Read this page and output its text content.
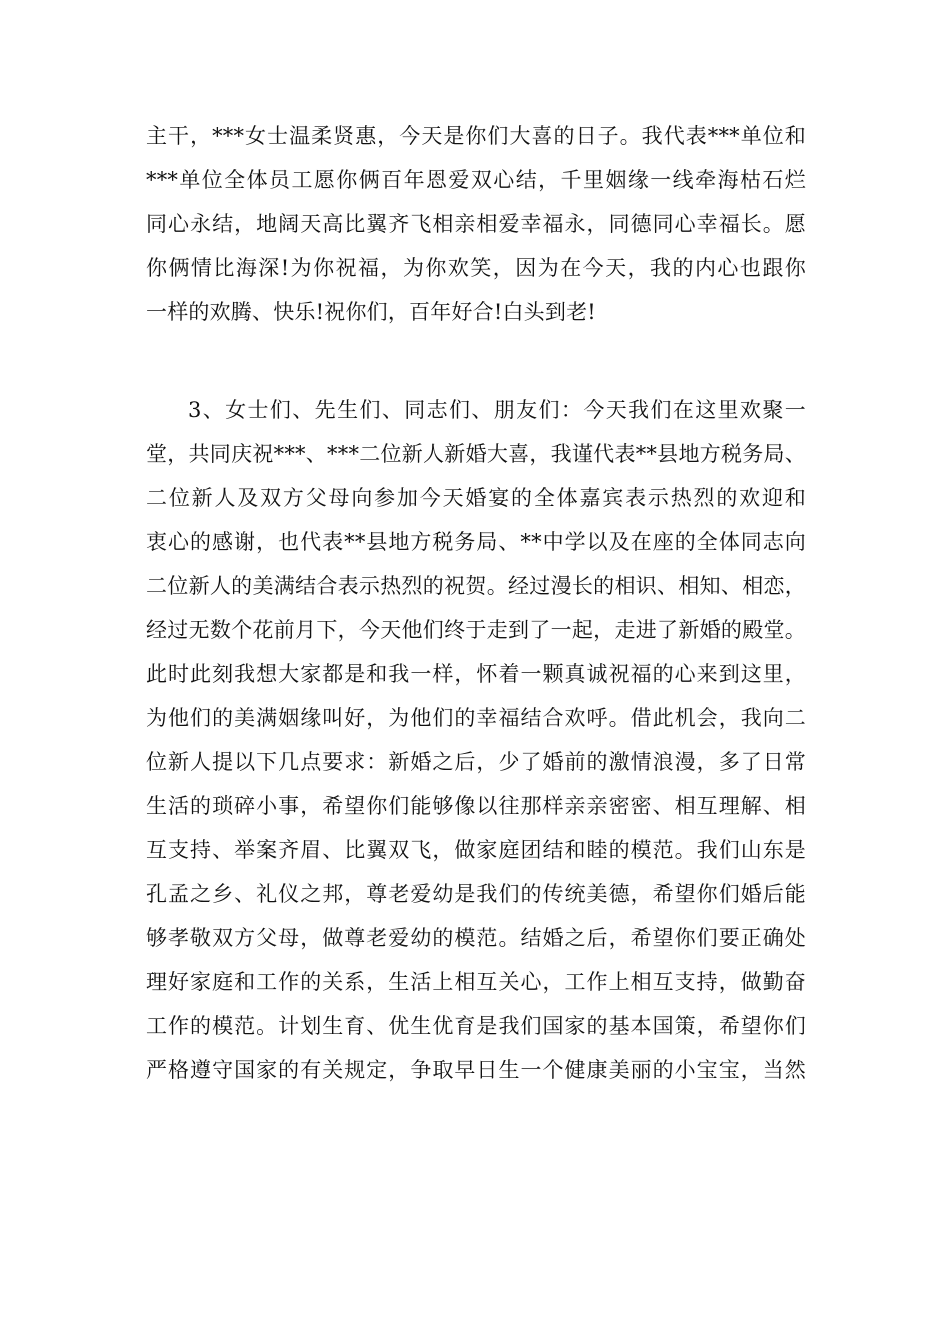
主干，***女士温柔贤惠，今天是你们大喜的日子。我代表***单位和
***单位全体员工愿你俩百年恩爱双心结，千里姻缘一线牵海枯石烂
同心永结，地阔天高比翼齐飞相亲相爱幸福永，同德同心幸福长。愿
你俩情比海深!为你祝福，为你欢笑，因为在今天，我的内心也跟你
一样的欢腾、快乐!祝你们，百年好合!白头到老!
3、女士们、先生们、同志们、朋友们：今天我们在这里欢聚一
堂，共同庆祝***、***二位新人新婚大喜，我谨代表**县地方税务局、
二位新人及双方父母向参加今天婚宴的全体嘉宾表示热烈的欢迎和
衷心的感谢，也代表**县地方税务局、**中学以及在座的全体同志向
二位新人的美满结合表示热烈的祝贺。经过漫长的相识、相知、相恋，
经过无数个花前月下，今天他们终于走到了一起，走进了新婚的殿堂。
此时此刻我想大家都是和我一样，怀着一颗真诚祝福的心来到这里，
为他们的美满姻缘叫好，为他们的幸福结合欢呼。借此机会，我向二
位新人提以下几点要求：新婚之后，少了婚前的激情浪漫，多了日常
生活的琐碎小事，希望你们能够像以往那样亲亲密密、相互理解、相
互支持、举案齐眉、比翼双飞，做家庭团结和睦的模范。我们山东是
孔孟之乡、礼仪之邦，尊老爱幼是我们的传统美德，希望你们婚后能
够孝敬双方父母，做尊老爱幼的模范。结婚之后，希望你们要正确处
理好家庭和工作的关系，生活上相互关心，工作上相互支持，做勤奋
工作的模范。计划生育、优生优育是我们国家的基本国策，希望你们
严格遵守国家的有关规定，争取早日生一个健康美丽的小宝宝，当然
